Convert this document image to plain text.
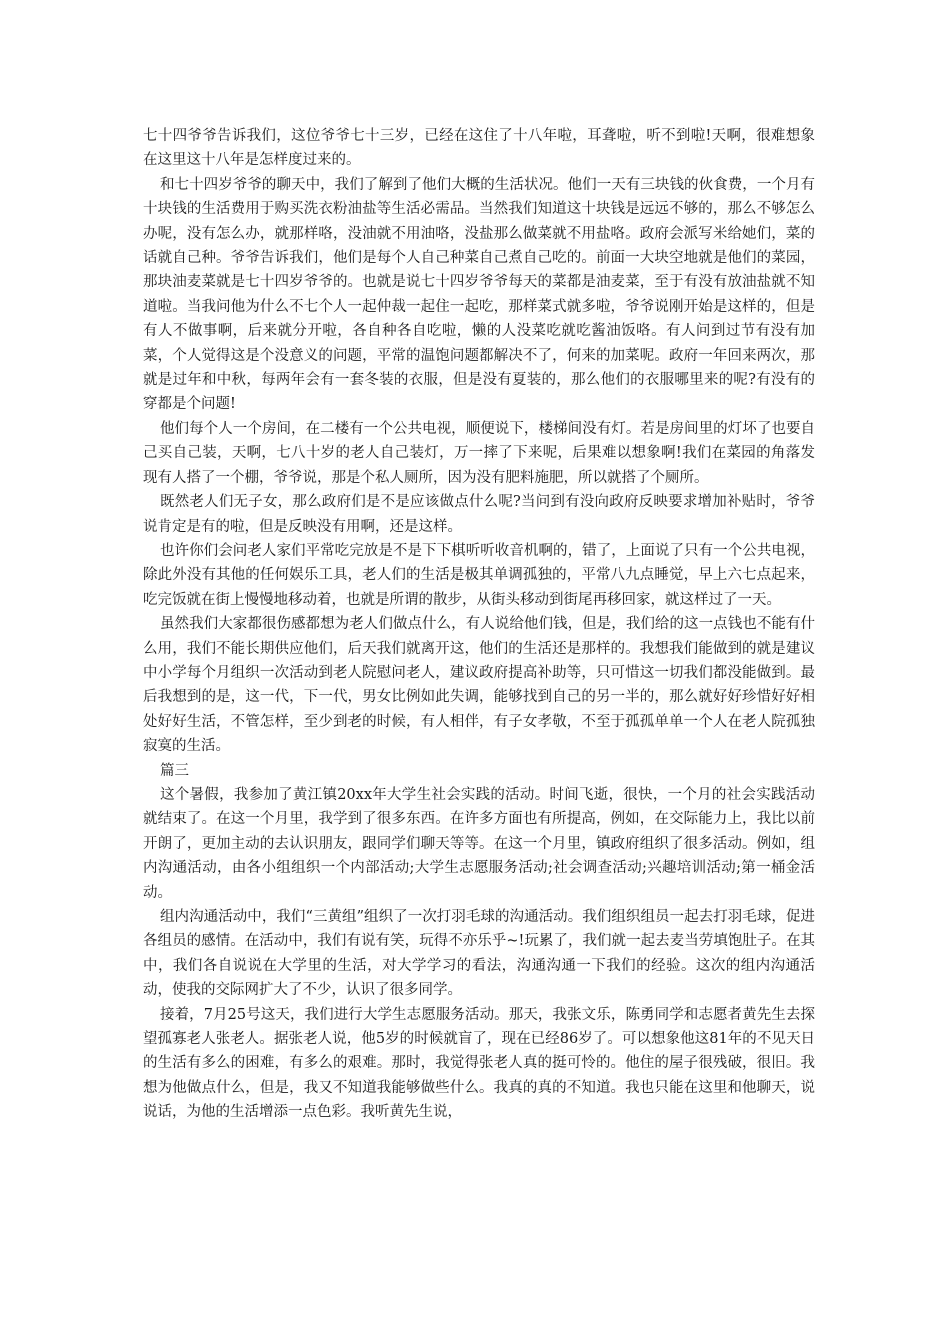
七十四爷爷告诉我们，这位爷爷七十三岁，已经在这住了十八年啦，耳聋啦，听不到啦!天啊，很难想象在这里这十八年是怎样度过来的。

和七十四岁爷爷的聊天中，我们了解到了他们大概的生活状况。他们一天有三块钱的伙食费，一个月有十块钱的生活费用于购买洗衣粉油盐等生活必需品。当然我们知道这十块钱是远远不够的，那么不够怎么办呢，没有怎么办，就那样咯，没油就不用油咯，没盐那么做菜就不用盐咯。政府会派写米给她们，菜的话就自己种。爷爷告诉我们，他们是每个人自己种菜自己煮自己吃的。前面一大块空地就是他们的菜园，那块油麦菜就是七十四岁爷爷的。也就是说七十四岁爷爷每天的菜都是油麦菜，至于有没有放油盐就不知道啦。当我问他为什么不七个人一起仲裁一起住一起吃，那样菜式就多啦，爷爷说刚开始是这样的，但是有人不做事啊，后来就分开啦，各自种各自吃啦，懒的人没菜吃就吃酱油饭咯。有人问到过节有没有加菜，个人觉得这是个没意义的问题，平常的温饱问题都解决不了，何来的加菜呢。政府一年回来两次，那就是过年和中秋，每两年会有一套冬装的衣服，但是没有夏装的，那么他们的衣服哪里来的呢?有没有的穿都是个问题!

他们每个人一个房间，在二楼有一个公共电视，顺便说下，楼梯间没有灯。若是房间里的灯坏了也要自己买自己装，天啊，七八十岁的老人自己装灯，万一摔了下来呢，后果难以想象啊!我们在菜园的角落发现有人搭了一个棚，爷爷说，那是个私人厕所，因为没有肥料施肥，所以就搭了个厕所。

既然老人们无子女，那么政府们是不是应该做点什么呢?当问到有没向政府反映要求增加补贴时，爷爷说肯定是有的啦，但是反映没有用啊，还是这样。

也许你们会问老人家们平常吃完放是不是下下棋听听收音机啊的，错了，上面说了只有一个公共电视，除此外没有其他的任何娱乐工具，老人们的生活是极其单调孤独的，平常八九点睡觉，早上六七点起来，吃完饭就在街上慢慢地移动着，也就是所谓的散步，从街头移动到街尾再移回家，就这样过了一天。

虽然我们大家都很伤感都想为老人们做点什么，有人说给他们钱，但是，我们给的这一点钱也不能有什么用，我们不能长期供应他们，后天我们就离开这，他们的生活还是那样的。我想我们能做到的就是建议中小学每个月组织一次活动到老人院慰问老人，建议政府提高补助等，只可惜这一切我们都没能做到。最后我想到的是，这一代，下一代，男女比例如此失调，能够找到自己的另一半的，那么就好好珍惜好好相处好好生活，不管怎样，至少到老的时候，有人相伴，有子女孝敬，不至于孤孤单单一个人在老人院孤独寂寞的生活。

篇三

这个暑假，我参加了黄江镇20xx年大学生社会实践的活动。时间飞逝，很快，一个月的社会实践活动就结束了。在这一个月里，我学到了很多东西。在许多方面也有所提高，例如，在交际能力上，我比以前开朗了，更加主动的去认识朋友，跟同学们聊天等等。在这一个月里，镇政府组织了很多活动。例如，组内沟通活动，由各小组组织一个内部活动;大学生志愿服务活动;社会调查活动;兴趣培训活动;第一桶金活动。

组内沟通活动中，我们“三黄组”组织了一次打羽毛球的沟通活动。我们组织组员一起去打羽毛球，促进各组员的感情。在活动中，我们有说有笑，玩得不亦乐乎~!玩累了，我们就一起去麦当劳填饱肚子。在其中，我们各自说说在大学里的生活，对大学学习的看法，沟通沟通一下我们的经验。这次的组内沟通活动，使我的交际网扩大了不少，认识了很多同学。

接着，7月25号这天，我们进行大学生志愿服务活动。那天，我张文乐，陈勇同学和志愿者黄先生去探望孤寡老人张老人。据张老人说，他5岁的时候就盲了，现在已经86岁了。可以想象他这81年的不见天日的生活有多么的困难，有多么的艰难。那时，我觉得张老人真的挺可怜的。他住的屋子很残破，很旧。我想为他做点什么，但是，我又不知道我能够做些什么。我真的真的不知道。我也只能在这里和他聊天，说说话，为他的生活增添一点色彩。我听黄先生说，
